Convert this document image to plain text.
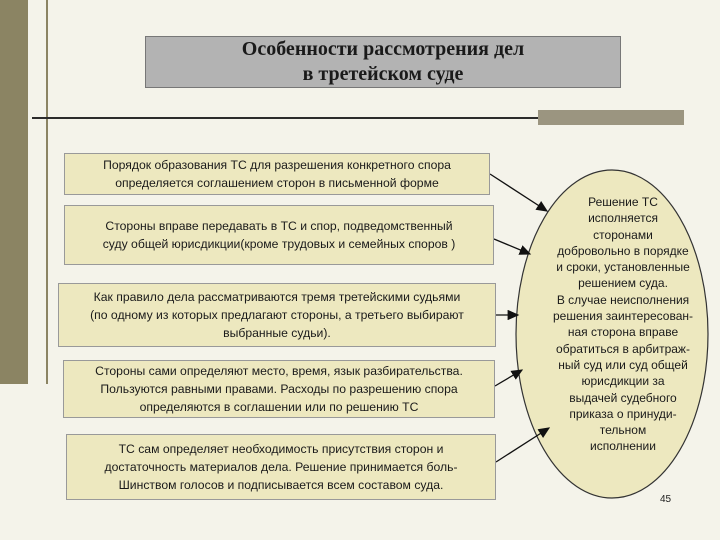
Особенности рассмотрения дел
в третейском суде
Порядок образования ТС для разрешения конкретного спора
определяется соглашением сторон в письменной форме
Стороны вправе передавать в ТС и спор, подведомственный
суду общей юрисдикции(кроме трудовых и семейных споров )
Как правило дела рассматриваются тремя третейскими судьями
(по одному из которых предлагают стороны, а третьего выбирают
выбранные судьи).
Стороны сами определяют место, время, язык разбирательства.
Пользуются равными правами. Расходы по разрешению спора
определяются в соглашении или по решению ТС
ТС сам определяет необходимость присутствия сторон и
достаточность материалов дела. Решение принимается боль-
Шинством голосов и подписывается всем составом суда.
Решение ТС
исполняется
сторонами
добровольно в порядке
и сроки, установленные
решением суда.
В случае неисполнения
решения заинтересован-
ная сторона вправе
обратиться в арбитраж-
ный суд или суд общей
юрисдикции за
выдачей судебного
приказа о принуди-
тельном
исполнении
45
